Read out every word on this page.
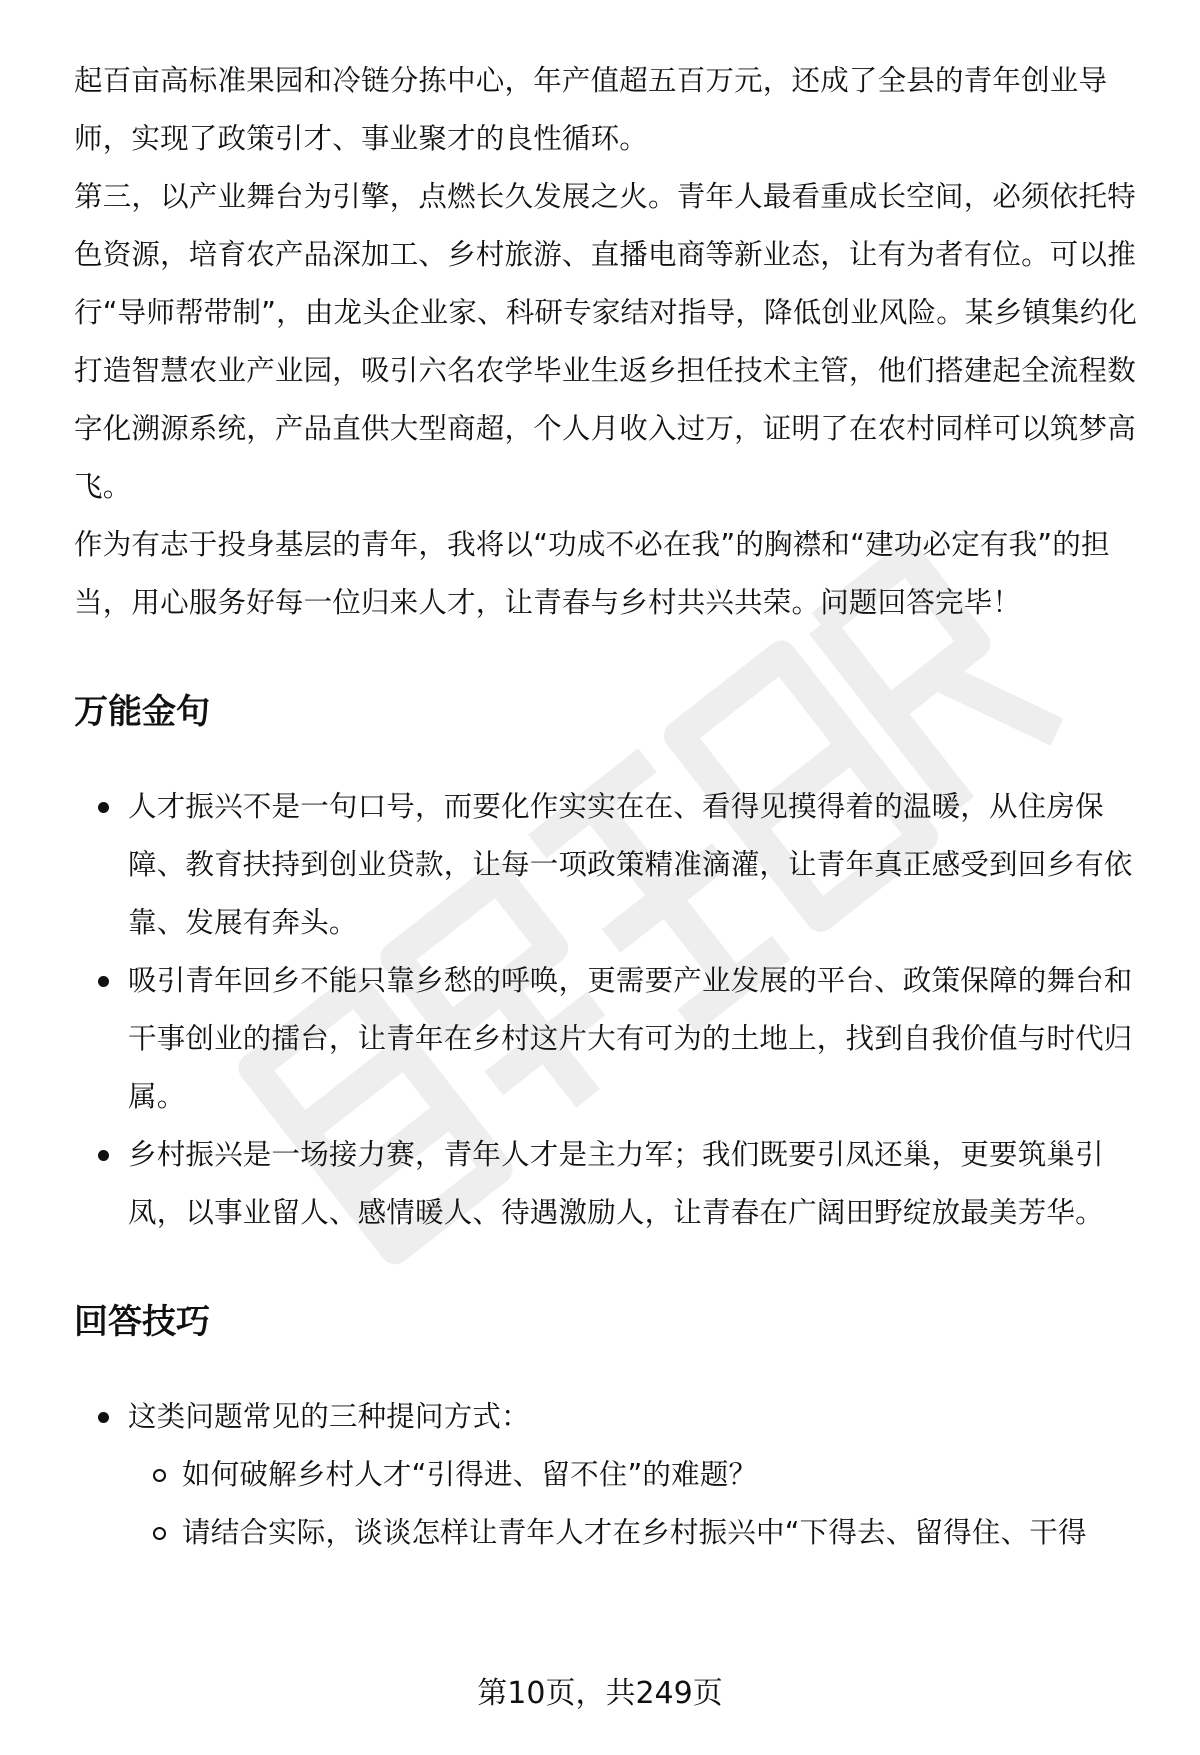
起百亩高标准果园和冷链分拣中心，年产值超五百万元，还成了全县的青年创业导师，实现了政策引才、事业聚才的良性循环。

第三，以产业舞台为引擎，点燃长久发展之火。青年人最看重成长空间，必须依托特色资源，培育农产品深加工、乡村旅游、直播电商等新业态，让有为者有位。可以推行“导师帮带制”，由龙头企业家、科研专家结对指导，降低创业风险。某乡镇集约化打造智慧农业产业园，吸引六名农学毕业生返乡担任技术主管，他们搭建起全流程数字化溯源系统，产品直供大型商超，个人月收入过万，证明了在农村同样可以筑梦高飞。

作为有志于投身基层的青年，我将以“功成不必在我”的胸襟和“建功必定有我”的担当，用心服务好每一位归来人才，让青春与乡村共兴共荣。问题回答完毕！

万能金句
人才振兴不是一句口号，而要化作实实在在、看得见摸得着的温暖，从住房保障、教育扶持到创业贷款，让每一项政策精准滴灌，让青年真正感受到回乡有依靠、发展有奔头。
吸引青年回乡不能只靠乡愁的呼唤，更需要产业发展的平台、政策保障的舞台和干事创业的擂台，让青年在乡村这片大有可为的土地上，找到自我价值与时代归属。
乡村振兴是一场接力赛，青年人才是主力军；我们既要引凤还巢，更要筑巢引凤，以事业留人、感情暖人、待遇激励人，让青春在广阔田野绽放最美芳华。
回答技巧
这类问题常见的三种提问方式：
如何破解乡村人才“引得进、留不住”的难题？
请结合实际，谈谈怎样让青年人才在乡村振兴中“下得去、留得住、干得
第10页，共249页
